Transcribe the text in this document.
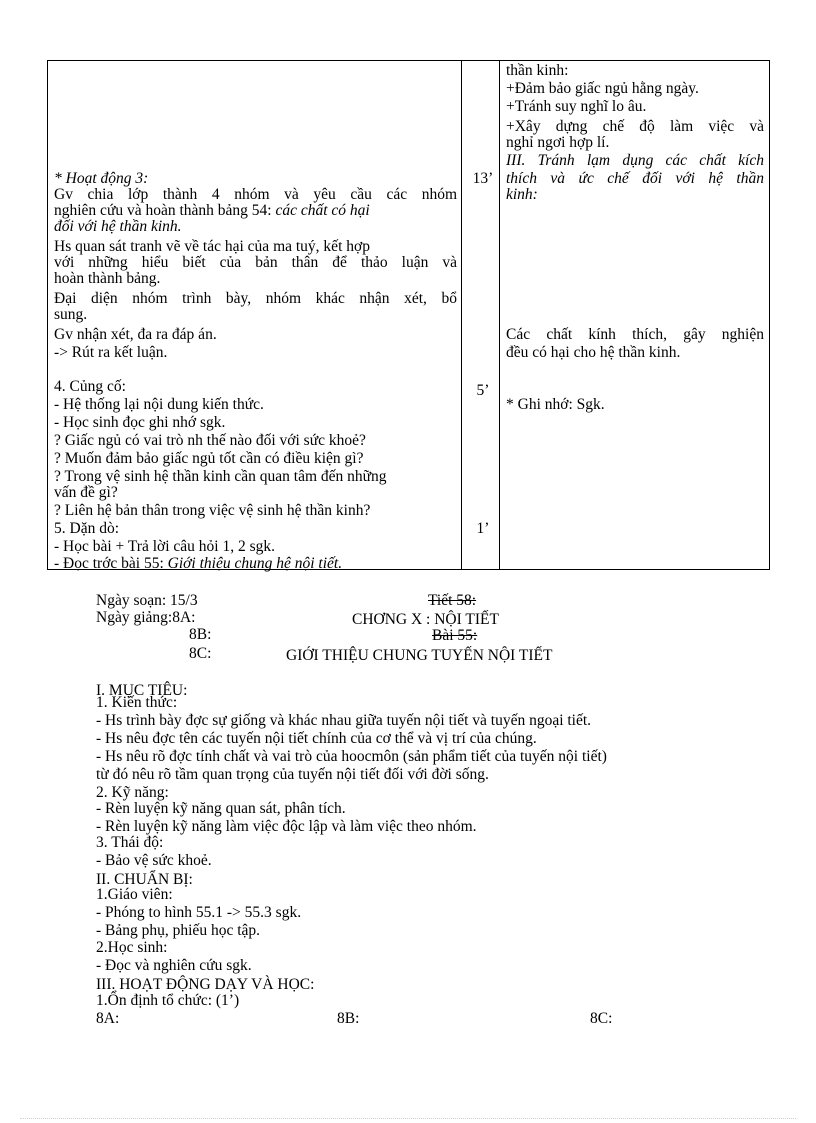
* Hoạt động 3:
Gv chia lớp thành 4 nhóm và yêu cầu các nhóm
nghiên cứu và hoàn thành bảng 54: các chất có hại
đối với hệ thần kinh.
Hs quan sát tranh vẽ về tác hại của ma tuý, kết hợp
với những hiểu biết của bản thân để thảo luận và
hoàn thành bảng.
Đại diện nhóm trình bày, nhóm khác nhận xét, bổ
sung.
Gv nhận xét, đa ra đáp án.
-> Rút ra kết luận.
4. Củng cố:
- Hệ thống lại nội dung kiến thức.
- Học sinh đọc ghi nhớ sgk.
? Giấc ngủ có vai trò nh thế nào đối với sức khoẻ?
? Muốn đảm bảo giấc ngủ tốt cần có điều kiện gì?
? Trong vệ sinh hệ thần kinh cần quan tâm đến những
vấn đề gì?
? Liên hệ bản thân trong việc vệ sinh hệ thần kinh?
5. Dặn dò:
- Học bài + Trả lời câu hỏi 1, 2 sgk.
- Đọc trớc bài 55: Giới thiệu chung hệ nội tiết.
13’
5’
1’
thần kinh:
+Đảm bảo giấc ngủ hằng ngày.
+Tránh suy nghĩ lo âu.
+Xây dựng chế độ làm việc và
nghỉ ngơi hợp lí.
III. Tránh lạm dụng các chất kích
thích và ức chế đối với hệ thần
kinh:
Các chất kính thích, gây nghiện
đều có hại cho hệ thần kinh.
* Ghi nhớ: Sgk.
Ngày soạn: 15/3
Ngày giảng:8A:
8B:
8C:
Tiết 58:
CHƠNG X : NỘI TIẾT
Bài 55:
GIỚI THIỆU CHUNG TUYẾN NỘI TIẾT
I. MỤC TIÊU:
1. Kiến thức:
- Hs trình bày đợc sự giống và khác nhau giữa tuyến nội tiết và tuyến ngoại tiết.
- Hs nêu đợc tên các tuyến nội tiết chính của cơ thể và vị trí của chúng.
- Hs nêu rõ đợc tính chất và vai trò của hoocmôn (sản phẩm tiết của tuyến nội tiết)
từ đó nêu rõ tầm quan trọng của tuyến nội tiết đối với đời sống.
2. Kỹ năng:
- Rèn luyện kỹ năng quan sát, phân tích.
- Rèn luyện kỹ năng làm việc độc lập và làm việc theo nhóm.
3. Thái độ:
- Bảo vệ sức khoẻ.
II. CHUẨN BỊ:
1.Giáo viên:
- Phóng to hình 55.1 -> 55.3 sgk.
- Bảng phụ, phiếu học tập.
2.Học sinh:
- Đọc và nghiên cứu sgk.
III. HOẠT ĐỘNG DẠY VÀ HỌC:
1.Ổn định tổ chức: (1’)
8A:	8B:	8C:
